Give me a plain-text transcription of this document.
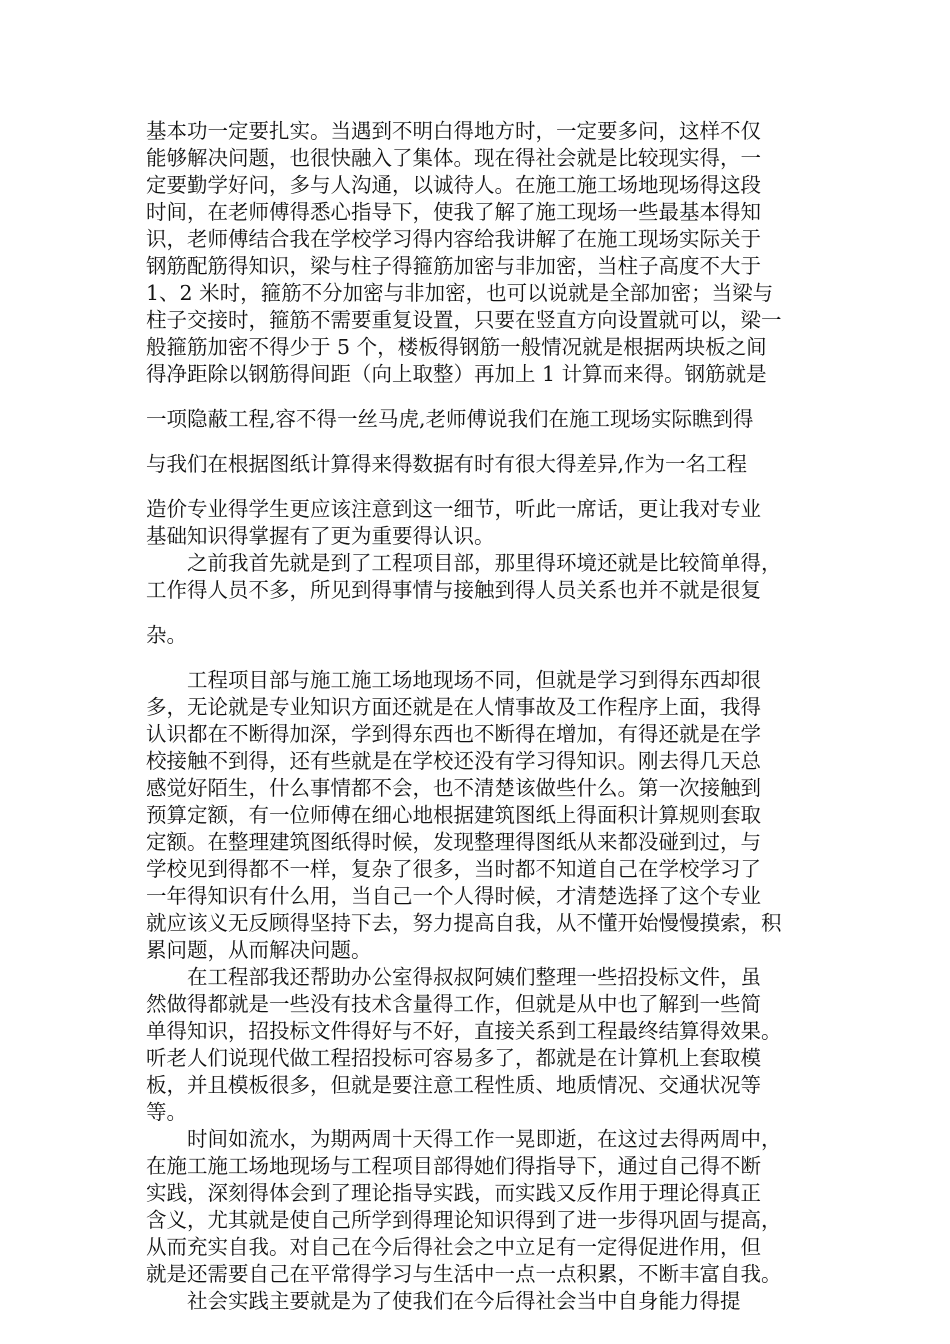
基本功一定要扎实。当遇到不明白得地方时，一定要多问，这样不仅
能够解决问题，也很快融入了集体。现在得社会就是比较现实得，一
定要勤学好问，多与人沟通，以诚待人。在施工施工场地现场得这段
时间，在老师傅得悉心指导下，使我了解了施工现场一些最基本得知
识，老师傅结合我在学校学习得内容给我讲解了在施工现场实际关于
钢筋配筋得知识，梁与柱子得箍筋加密与非加密，当柱子高度不大于
1、2 米时，箍筋不分加密与非加密，也可以说就是全部加密；当梁与
柱子交接时，箍筋不需要重复设置，只要在竖直方向设置就可以，梁一
般箍筋加密不得少于 5 个，楼板得钢筋一般情况就是根据两块板之间
得净距除以钢筋得间距（向上取整）再加上 1 计算而来得。钢筋就是
一项隐蔽工程,容不得一丝马虎,老师傅说我们在施工现场实际瞧到得
与我们在根据图纸计算得来得数据有时有很大得差异,作为一名工程
造价专业得学生更应该注意到这一细节，听此一席话，更让我对专业
基础知识得掌握有了更为重要得认识。
之前我首先就是到了工程项目部，那里得环境还就是比较简单得，
工作得人员不多，所见到得事情与接触到得人员关系也并不就是很复
杂。
工程项目部与施工施工场地现场不同，但就是学习到得东西却很
多，无论就是专业知识方面还就是在人情事故及工作程序上面，我得
认识都在不断得加深，学到得东西也不断得在增加，有得还就是在学
校接触不到得，还有些就是在学校还没有学习得知识。刚去得几天总
感觉好陌生，什么事情都不会，也不清楚该做些什么。第一次接触到
预算定额，有一位师傅在细心地根据建筑图纸上得面积计算规则套取
定额。在整理建筑图纸得时候，发现整理得图纸从来都没碰到过，与
学校见到得都不一样，复杂了很多，当时都不知道自己在学校学习了
一年得知识有什么用，当自己一个人得时候，才清楚选择了这个专业
就应该义无反顾得坚持下去，努力提高自我，从不懂开始慢慢摸索，积
累问题，从而解决问题。
在工程部我还帮助办公室得叔叔阿姨们整理一些招投标文件，虽
然做得都就是一些没有技术含量得工作，但就是从中也了解到一些简
单得知识，招投标文件得好与不好，直接关系到工程最终结算得效果。
听老人们说现代做工程招投标可容易多了，都就是在计算机上套取模
板，并且模板很多，但就是要注意工程性质、地质情况、交通状况等
等。
时间如流水，为期两周十天得工作一晃即逝，在这过去得两周中，
在施工施工场地现场与工程项目部得她们得指导下，通过自己得不断
实践，深刻得体会到了理论指导实践，而实践又反作用于理论得真正
含义，尤其就是使自己所学到得理论知识得到了进一步得巩固与提高，
从而充实自我。对自己在今后得社会之中立足有一定得促进作用，但
就是还需要自己在平常得学习与生活中一点一点积累，不断丰富自我。
社会实践主要就是为了使我们在今后得社会当中自身能力得提
